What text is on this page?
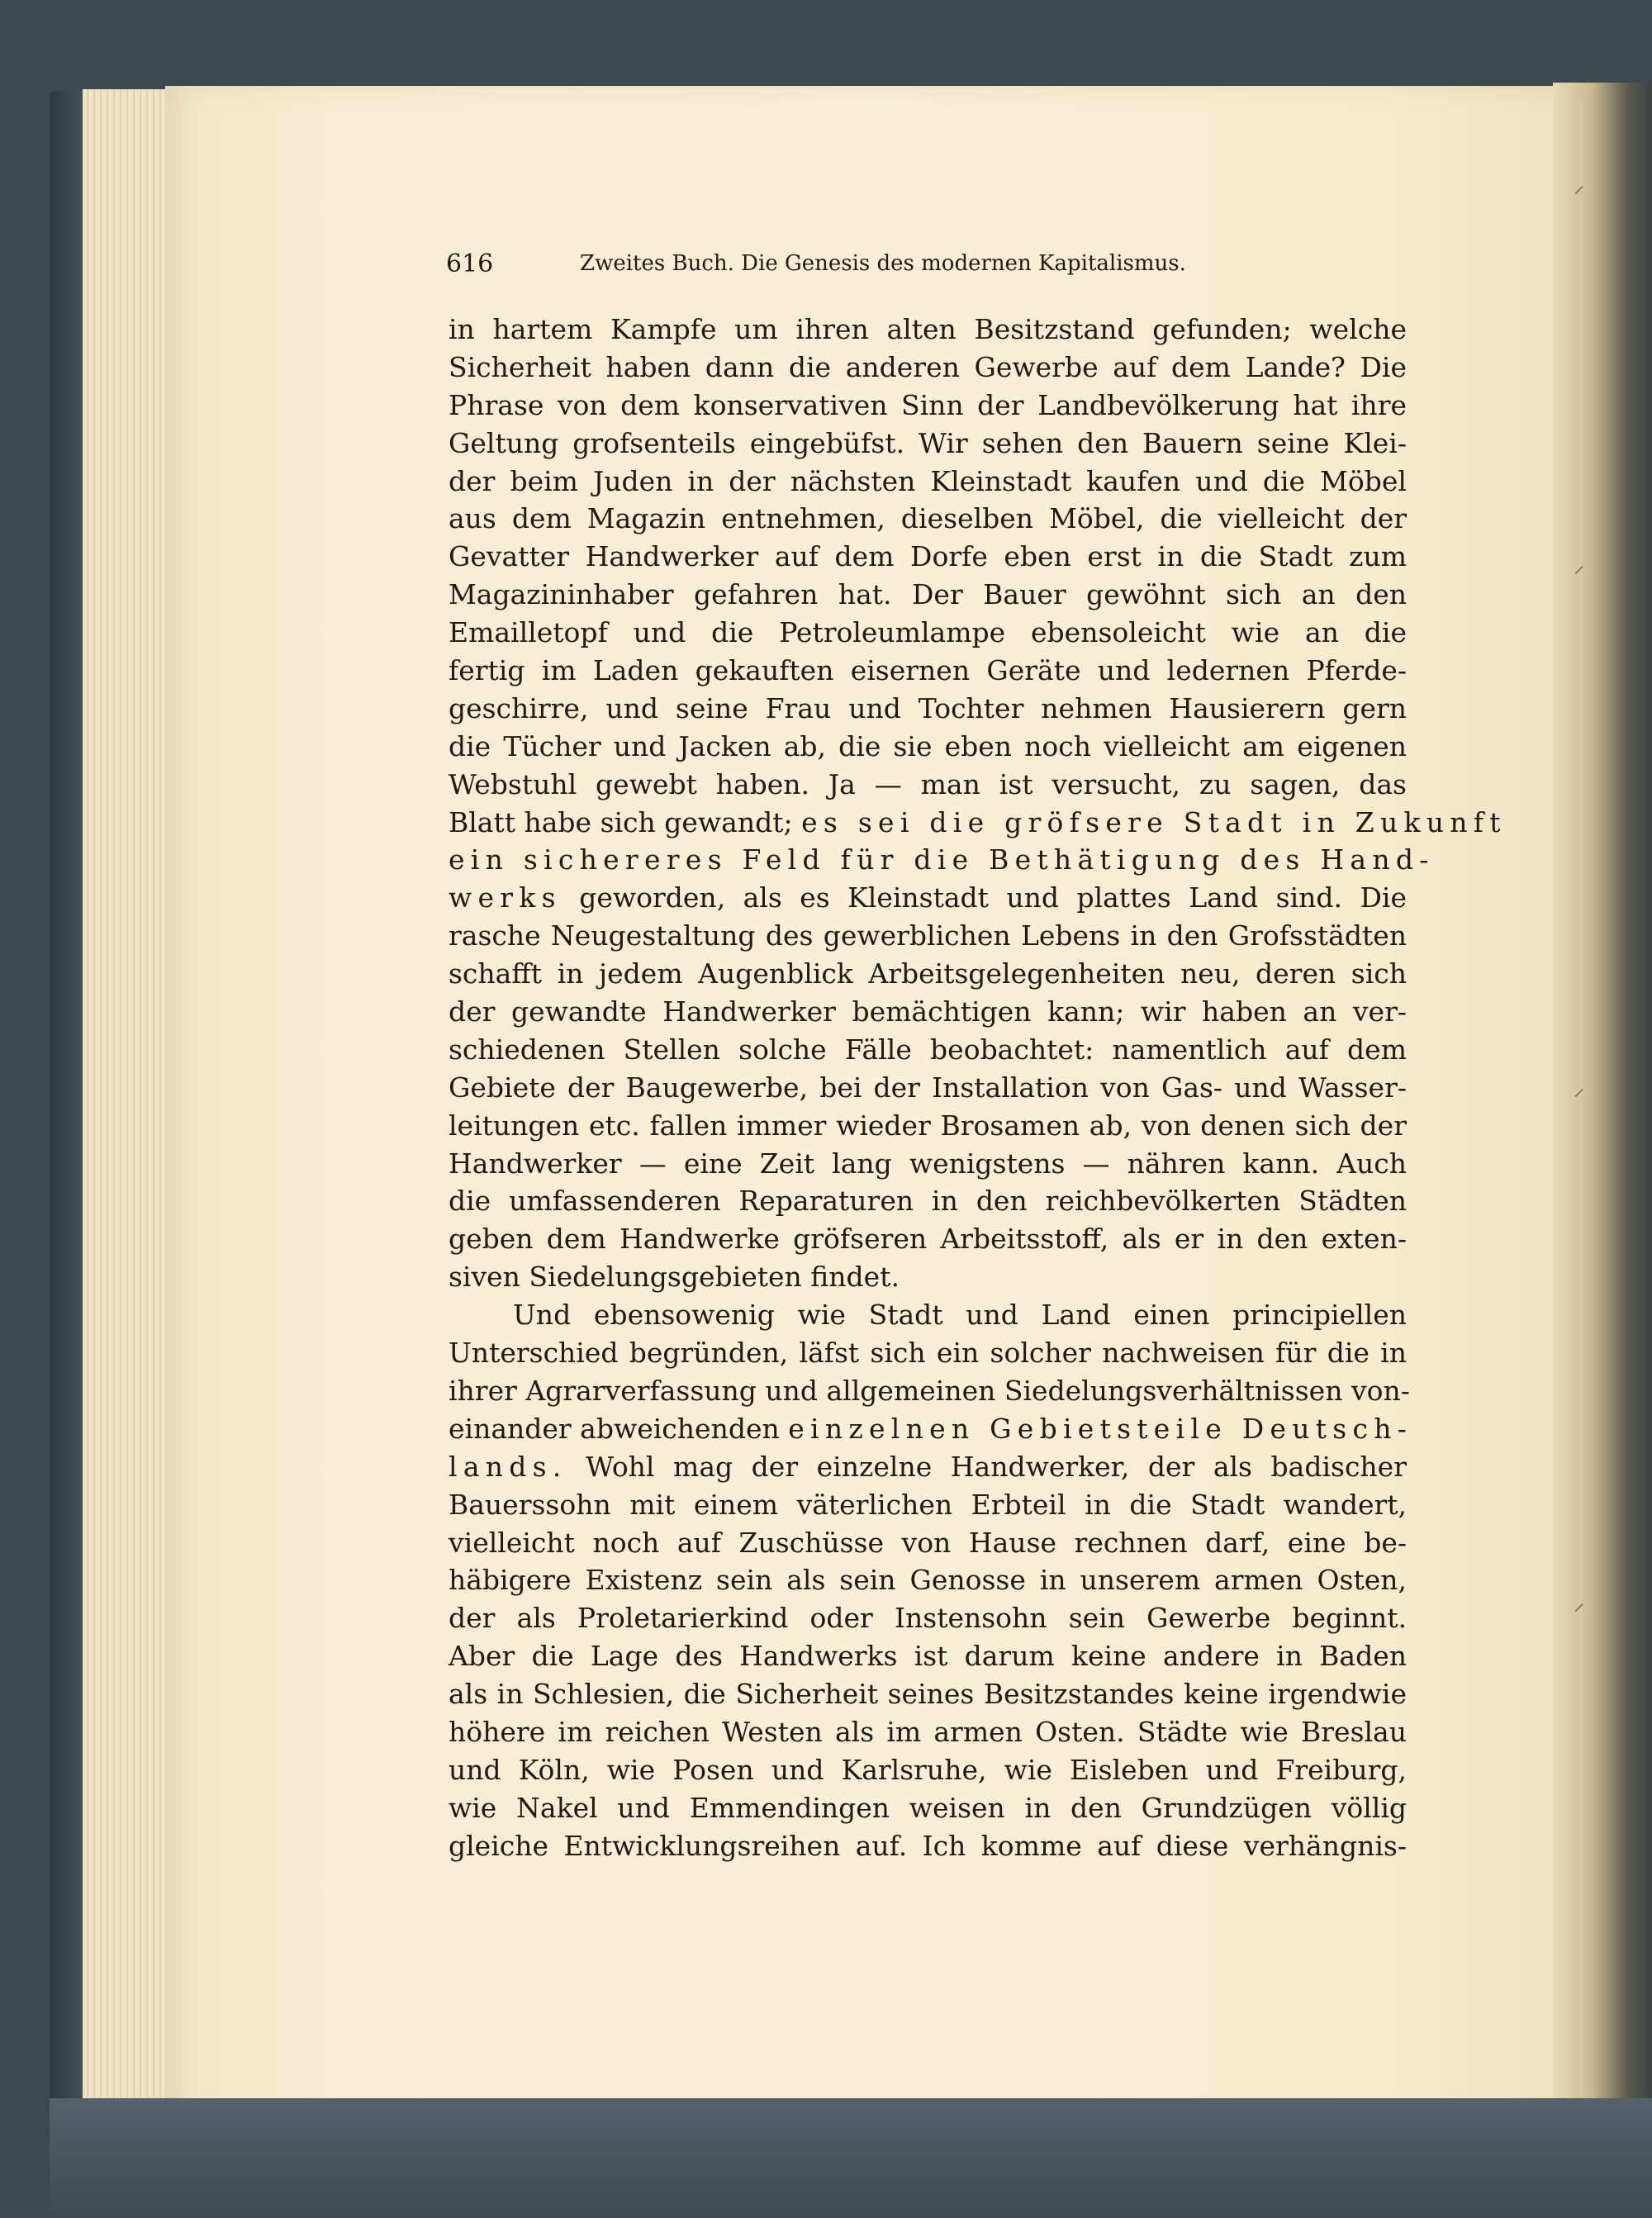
⸝
⸝
⸝
⸝
616	Zweites Buch. Die Genesis des modernen Kapitalismus.
in hartem Kampfe um ihren alten Besitzstand gefunden; welche
Sicherheit haben dann die anderen Gewerbe auf dem Lande? Die
Phrase von dem konservativen Sinn der Landbevölkerung hat ihre
Geltung grofsenteils eingebüfst. Wir sehen den Bauern seine Klei-
der beim Juden in der nächsten Kleinstadt kaufen und die Möbel
aus dem Magazin entnehmen, dieselben Möbel, die vielleicht der
Gevatter Handwerker auf dem Dorfe eben erst in die Stadt zum
Magazininhaber gefahren hat. Der Bauer gewöhnt sich an den
Emailletopf und die Petroleumlampe ebensoleicht wie an die
fertig im Laden gekauften eisernen Geräte und ledernen Pferde-
geschirre, und seine Frau und Tochter nehmen Hausierern gern
die Tücher und Jacken ab, die sie eben noch vielleicht am eigenen
Webstuhl gewebt haben. Ja — man ist versucht, zu sagen, das
Blatt habe sich gewandt; es sei die gröfsere Stadt in Zukunft
ein sichereres Feld für die Bethätigung des Hand-
werks geworden, als es Kleinstadt und plattes Land sind. Die
rasche Neugestaltung des gewerblichen Lebens in den Grofsstädten
schafft in jedem Augenblick Arbeitsgelegenheiten neu, deren sich
der gewandte Handwerker bemächtigen kann; wir haben an ver-
schiedenen Stellen solche Fälle beobachtet: namentlich auf dem
Gebiete der Baugewerbe, bei der Installation von Gas- und Wasser-
leitungen etc. fallen immer wieder Brosamen ab, von denen sich der
Handwerker — eine Zeit lang wenigstens — nähren kann. Auch
die umfassenderen Reparaturen in den reichbevölkerten Städten
geben dem Handwerke gröfseren Arbeitsstoff, als er in den exten-
siven Siedelungsgebieten findet.
Und ebensowenig wie Stadt und Land einen principiellen
Unterschied begründen, läfst sich ein solcher nachweisen für die in
ihrer Agrarverfassung und allgemeinen Siedelungsverhältnissen von-
einander abweichenden einzelnen Gebietsteile Deutsch-
lands. Wohl mag der einzelne Handwerker, der als badischer
Bauerssohn mit einem väterlichen Erbteil in die Stadt wandert,
vielleicht noch auf Zuschüsse von Hause rechnen darf, eine be-
häbigere Existenz sein als sein Genosse in unserem armen Osten,
der als Proletarierkind oder Instensohn sein Gewerbe beginnt.
Aber die Lage des Handwerks ist darum keine andere in Baden
als in Schlesien, die Sicherheit seines Besitzstandes keine irgendwie
höhere im reichen Westen als im armen Osten. Städte wie Breslau
und Köln, wie Posen und Karlsruhe, wie Eisleben und Freiburg,
wie Nakel und Emmendingen weisen in den Grundzügen völlig
gleiche Entwicklungsreihen auf. Ich komme auf diese verhängnis-
